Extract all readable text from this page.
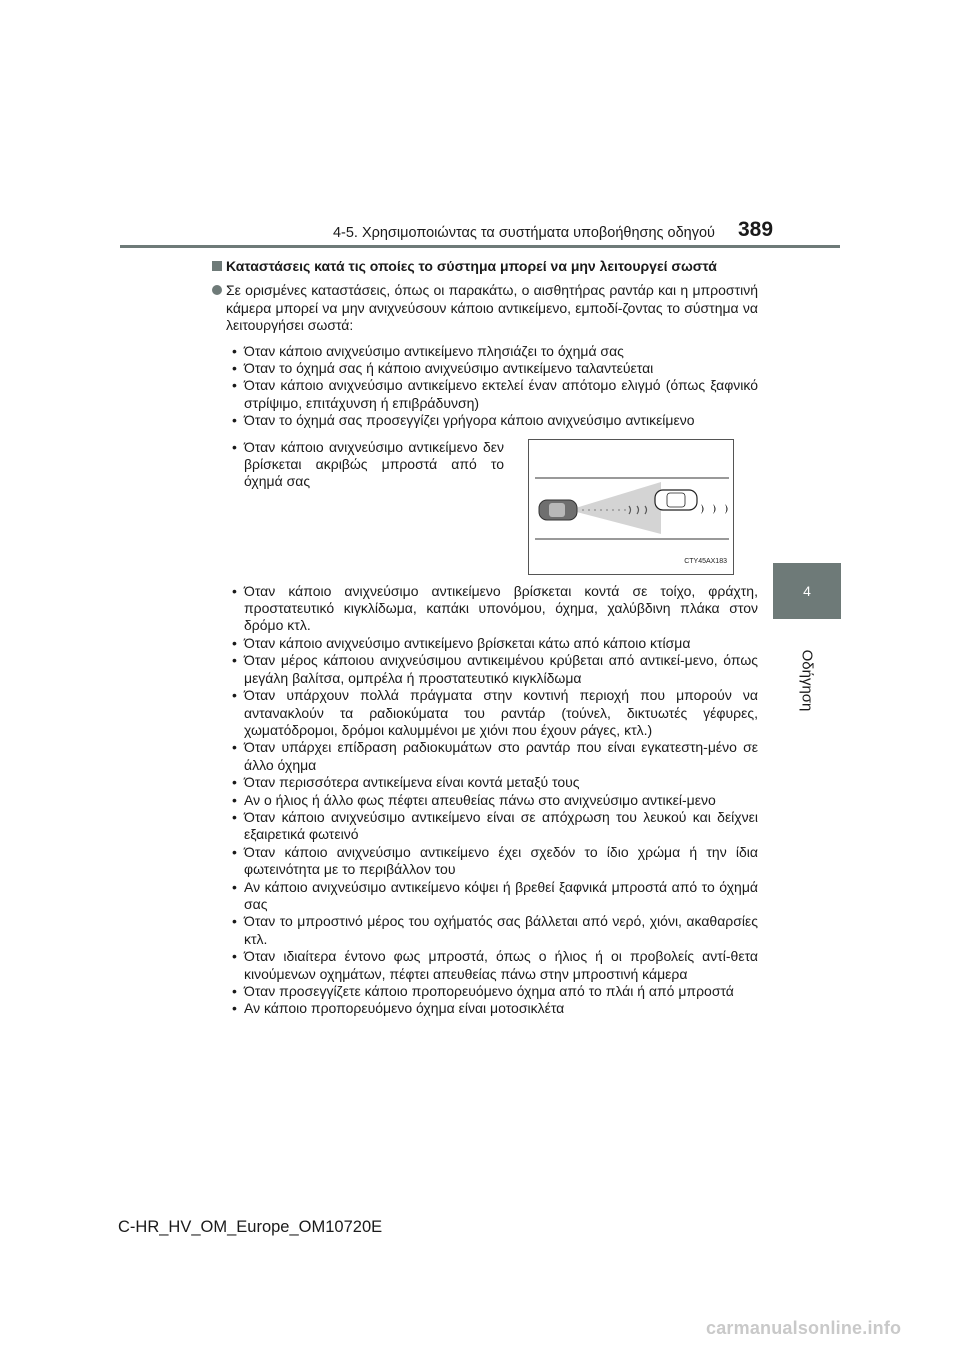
4-5. Χρησιμοποιώντας τα συστήματα υποβοήθησης οδηγού 389
4
Οδήγηση
Καταστάσεις κατά τις οποίες το σύστημα μπορεί να μην λειτουργεί σωστά
Σε ορισμένες καταστάσεις, όπως οι παρακάτω, ο αισθητήρας ραντάρ και η μπροστινή κάμερα μπορεί να μην ανιχνεύσουν κάποιο αντικείμενο, εμποδί-ζοντας το σύστημα να λειτουργήσει σωστά:
• Όταν κάποιο ανιχνεύσιμο αντικείμενο πλησιάζει το όχημά σας
• Όταν το όχημά σας ή κάποιο ανιχνεύσιμο αντικείμενο ταλαντεύεται
• Όταν κάποιο ανιχνεύσιμο αντικείμενο εκτελεί έναν απότομο ελιγμό (όπως ξαφνικό στρίψιμο, επιτάχυνση ή επιβράδυνση)
• Όταν το όχημά σας προσεγγίζει γρήγορα κάποιο ανιχνεύσιμο αντικείμενο
• Όταν κάποιο ανιχνεύσιμο αντικείμενο δεν βρίσκεται ακριβώς μπροστά από το όχημά σας
CTY45AX183
• Όταν κάποιο ανιχνεύσιμο αντικείμενο βρίσκεται κοντά σε τοίχο, φράχτη, προστατευτικό κιγκλίδωμα, καπάκι υπονόμου, όχημα, χαλύβδινη πλάκα στον δρόμο κτλ.
• Όταν κάποιο ανιχνεύσιμο αντικείμενο βρίσκεται κάτω από κάποιο κτίσμα
• Όταν μέρος κάποιου ανιχνεύσιμου αντικειμένου κρύβεται από αντικεί-μενο, όπως μεγάλη βαλίτσα, ομπρέλα ή προστατευτικό κιγκλίδωμα
• Όταν υπάρχουν πολλά πράγματα στην κοντινή περιοχή που μπορούν να αντανακλούν τα ραδιοκύματα του ραντάρ (τούνελ, δικτυωτές γέφυρες, χωματόδρομοι, δρόμοι καλυμμένοι με χιόνι που έχουν ράγες, κτλ.)
• Όταν υπάρχει επίδραση ραδιοκυμάτων στο ραντάρ που είναι εγκατεστη-μένο σε άλλο όχημα
• Όταν περισσότερα αντικείμενα είναι κοντά μεταξύ τους
• Αν ο ήλιος ή άλλο φως πέφτει απευθείας πάνω στο ανιχνεύσιμο αντικεί-μενο
• Όταν κάποιο ανιχνεύσιμο αντικείμενο είναι σε απόχρωση του λευκού και δείχνει εξαιρετικά φωτεινό
• Όταν κάποιο ανιχνεύσιμο αντικείμενο έχει σχεδόν το ίδιο χρώμα ή την ίδια φωτεινότητα με το περιβάλλον του
• Αν κάποιο ανιχνεύσιμο αντικείμενο κόψει ή βρεθεί ξαφνικά μπροστά από το όχημά σας
• Όταν το μπροστινό μέρος του οχήματός σας βάλλεται από νερό, χιόνι, ακαθαρσίες κτλ.
• Όταν ιδιαίτερα έντονο φως μπροστά, όπως ο ήλιος ή οι προβολείς αντί-θετα κινούμενων οχημάτων, πέφτει απευθείας πάνω στην μπροστινή κάμερα
• Όταν προσεγγίζετε κάποιο προπορευόμενο όχημα από το πλάι ή από μπροστά
• Αν κάποιο προπορευόμενο όχημα είναι μοτοσικλέτα
C-HR_HV_OM_Europe_OM10720E
carmanualsonline.info
